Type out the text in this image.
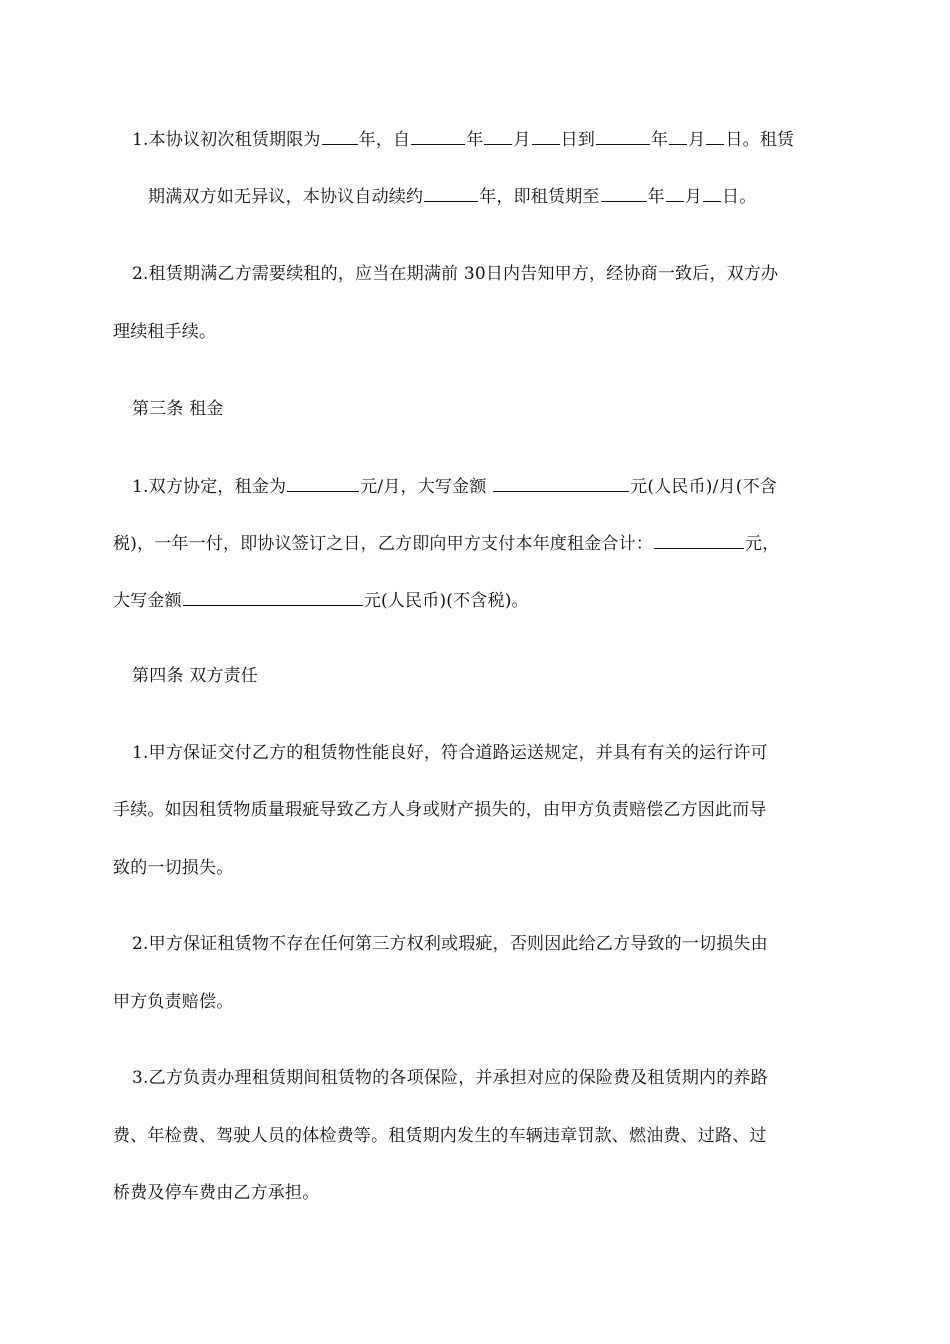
1.本协议初次租赁期限为 年，自	年 月 日到	年 月 日。租赁
期满双方如无异议，本协议自动续约	年，即租赁期至	年 月 日。
2.租赁期满乙方需要续租的，应当在期满前 30日内告知甲方，经协商一致后，双方办
理续租手续。
第三条 租金
1.双方协定，租金为	元/月，大写金额	元(人民币)/月(不含
税)，一年一付，即协议签订之日，乙方即向甲方支付本年度租金合计：	元，
大写金额	元(人民币)(不含税)。
第四条 双方责任
1.甲方保证交付乙方的租赁物性能良好，符合道路运送规定，并具有有关的运行许可
手续。如因租赁物质量瑕疵导致乙方人身或财产损失的，由甲方负责赔偿乙方因此而导
致的一切损失。
2.甲方保证租赁物不存在任何第三方权利或瑕疵，否则因此给乙方导致的一切损失由
甲方负责赔偿。
3.乙方负责办理租赁期间租赁物的各项保险，并承担对应的保险费及租赁期内的养路
费、年检费、驾驶人员的体检费等。租赁期内发生的车辆违章罚款、燃油费、过路、过
桥费及停车费由乙方承担。
